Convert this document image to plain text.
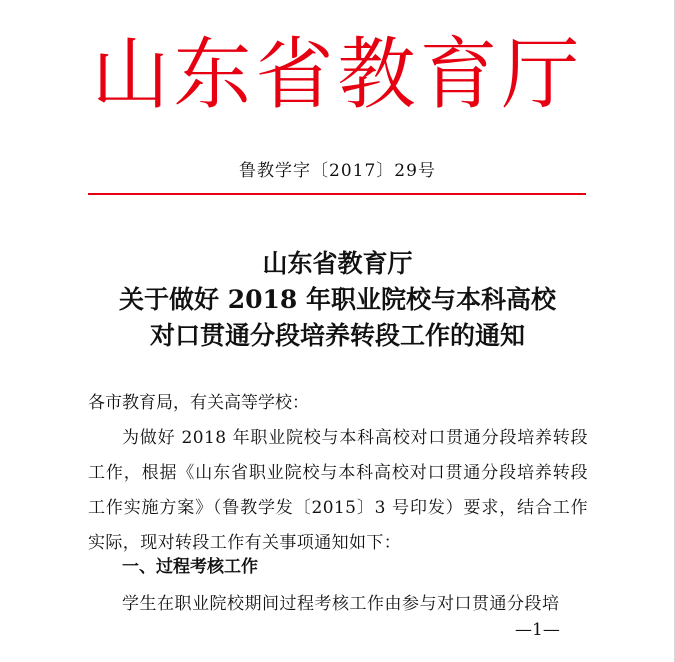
山东省教育厅
鲁教学字〔2017〕29号
山东省教育厅
关于做好 2018 年职业院校与本科高校
对口贯通分段培养转段工作的通知
各市教育局，有关高等学校：
为做好 2018 年职业院校与本科高校对口贯通分段培养转段工作，根据《山东省职业院校与本科高校对口贯通分段培养转段工作实施方案》（鲁教学发〔2015〕3 号印发）要求，结合工作实际，现对转段工作有关事项通知如下：
一、过程考核工作
学生在职业院校期间过程考核工作由参与对口贯通分段培
—1—
